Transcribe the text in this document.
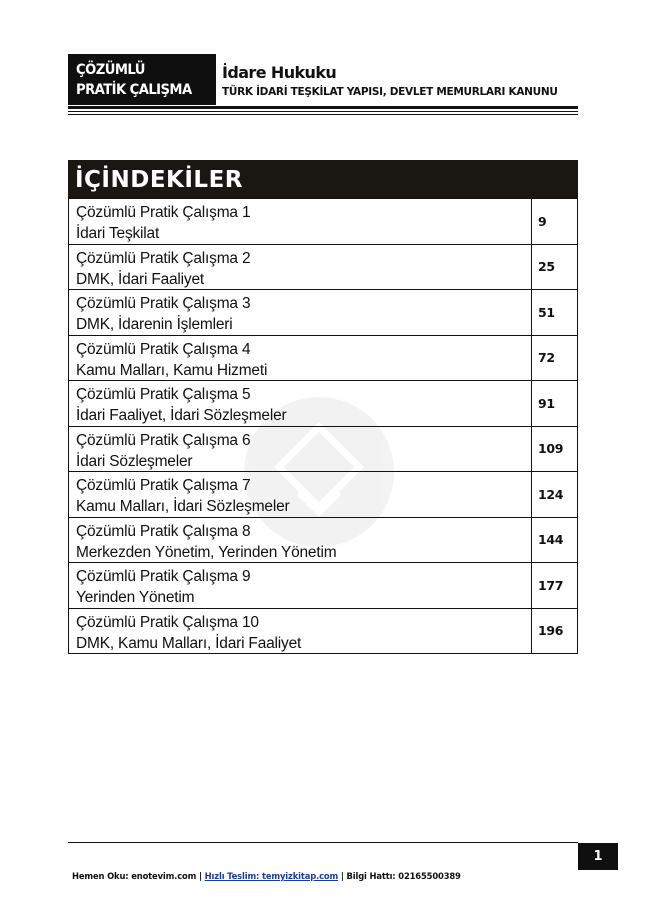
ÇÖZÜMLÜ
PRATİK ÇALIŞMA
İdare Hukuku
TÜRK İDARİ TEŞKİLAT YAPISI, DEVLET MEMURLARI KANUNU
İÇİNDEKİLER
Çözümlü Pratik Çalışma 1
İdari Teşkilat
9
Çözümlü Pratik Çalışma 2
DMK, İdari Faaliyet
25
Çözümlü Pratik Çalışma 3
DMK, İdarenin İşlemleri
51
Çözümlü Pratik Çalışma 4
Kamu Malları, Kamu Hizmeti
72
Çözümlü Pratik Çalışma 5
İdari Faaliyet, İdari Sözleşmeler
91
Çözümlü Pratik Çalışma 6
İdari Sözleşmeler
109
Çözümlü Pratik Çalışma 7
Kamu Malları, İdari Sözleşmeler
124
Çözümlü Pratik Çalışma 8
Merkezden Yönetim, Yerinden Yönetim
144
Çözümlü Pratik Çalışma 9
Yerinden Yönetim
177
Çözümlü Pratik Çalışma 10
DMK, Kamu Malları, İdari Faaliyet
196
1
Hemen Oku: enotevim.com | Hızlı Teslim: temyizkitap.com | Bilgi Hattı: 02165500389
